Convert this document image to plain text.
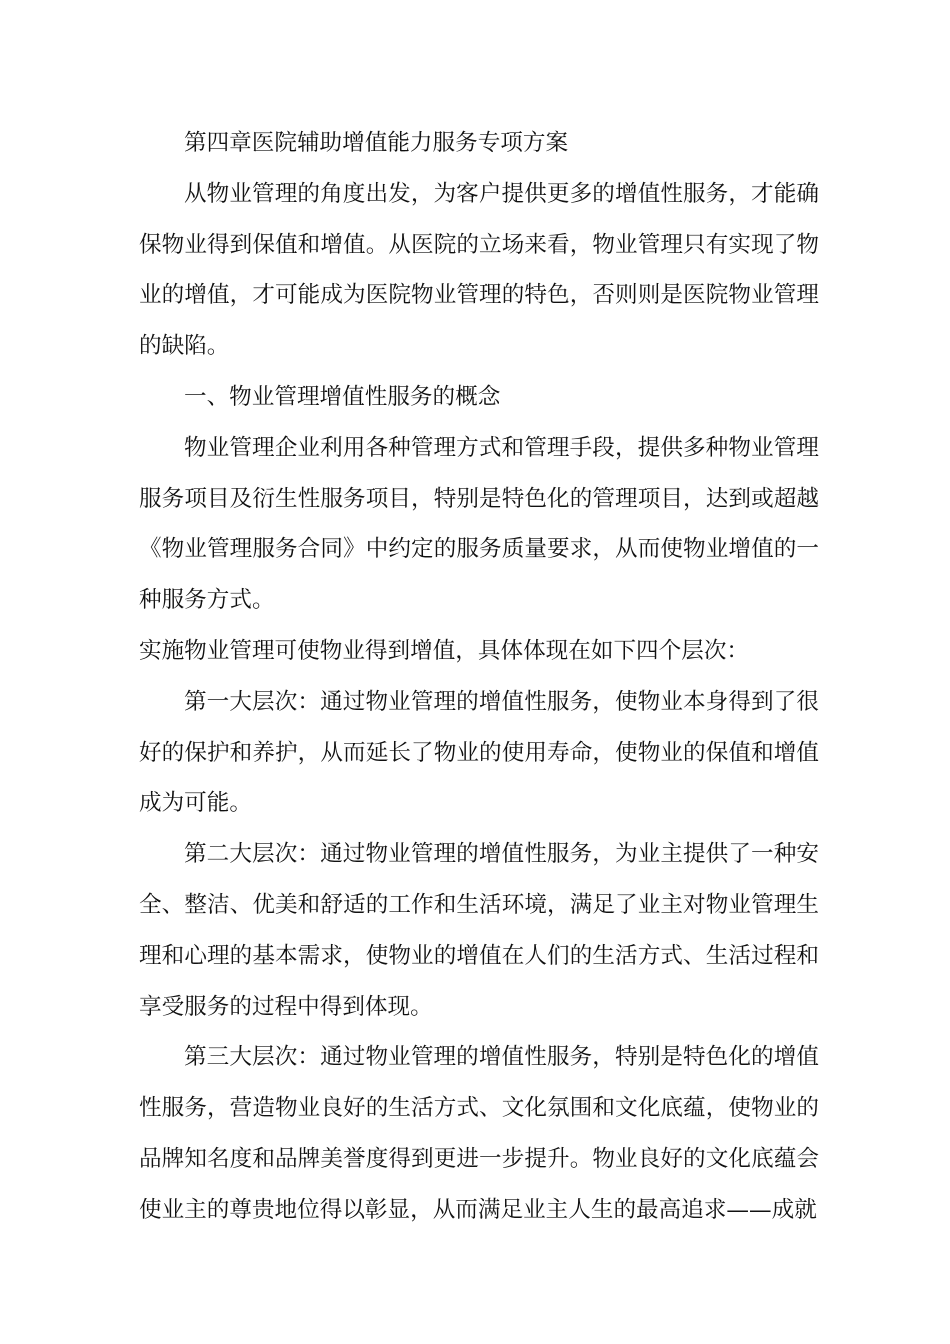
第四章医院辅助增值能力服务专项方案

从物业管理的角度出发，为客户提供更多的增值性服务，才能确保物业得到保值和增值。从医院的立场来看，物业管理只有实现了物业的增值，才可能成为医院物业管理的特色，否则则是医院物业管理的缺陷。

一、物业管理增值性服务的概念

物业管理企业利用各种管理方式和管理手段，提供多种物业管理服务项目及衍生性服务项目，特别是特色化的管理项目，达到或超越《物业管理服务合同》中约定的服务质量要求，从而使物业增值的一种服务方式。

实施物业管理可使物业得到增值，具体体现在如下四个层次：

第一大层次：通过物业管理的增值性服务，使物业本身得到了很好的保护和养护，从而延长了物业的使用寿命，使物业的保值和增值成为可能。

第二大层次：通过物业管理的增值性服务，为业主提供了一种安全、整洁、优美和舒适的工作和生活环境，满足了业主对物业管理生理和心理的基本需求，使物业的增值在人们的生活方式、生活过程和享受服务的过程中得到体现。

第三大层次：通过物业管理的增值性服务，特别是特色化的增值性服务，营造物业良好的生活方式、文化氛围和文化底蕴，使物业的品牌知名度和品牌美誉度得到更进一步提升。物业良好的文化底蕴会使业主的尊贵地位得以彰显，从而满足业主人生的最高追求——成就
